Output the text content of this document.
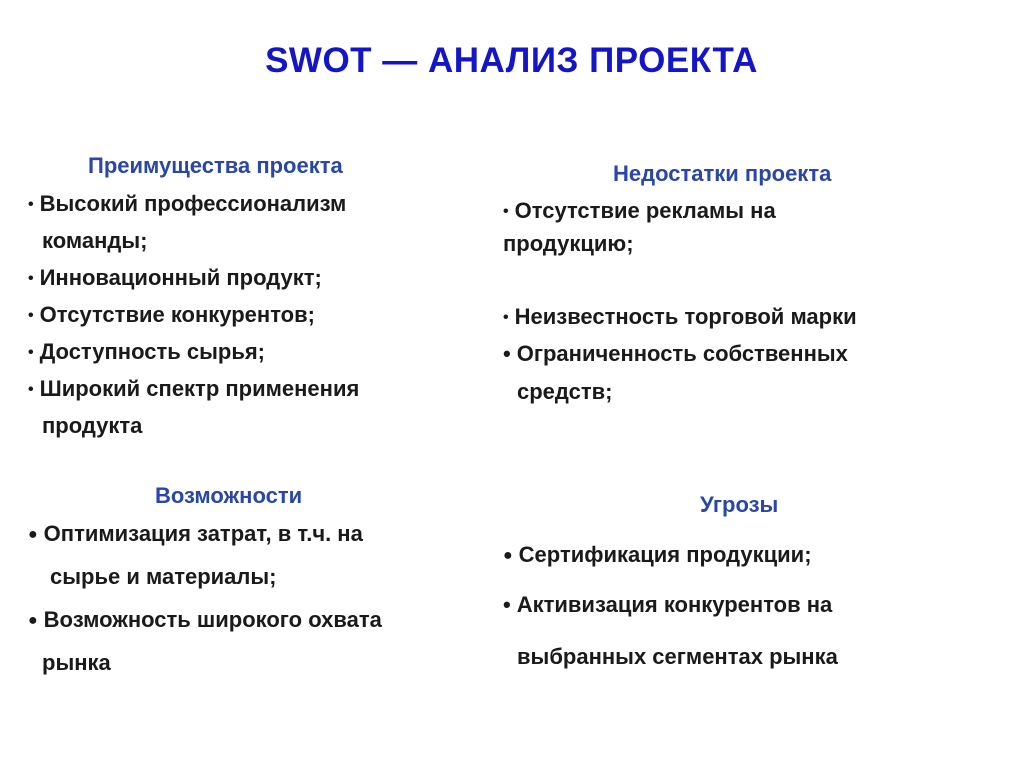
SWOT — АНАЛИЗ ПРОЕКТА
Преимущества проекта
• Высокий профессионализм
команды;
• Инновационный продукт;
• Отсутствие конкурентов;
• Доступность сырья;
• Широкий спектр применения
продукта
Недостатки проекта
• Отсутствие рекламы на
продукцию;
• Неизвестность торговой марки
• Ограниченность собственных
средств;
Возможности
● Оптимизация затрат, в т.ч. на
сырье и материалы;
● Возможность широкого охвата
рынка
Угрозы
● Сертификация продукции;
• Активизация конкурентов на
выбранных сегментах рынка
